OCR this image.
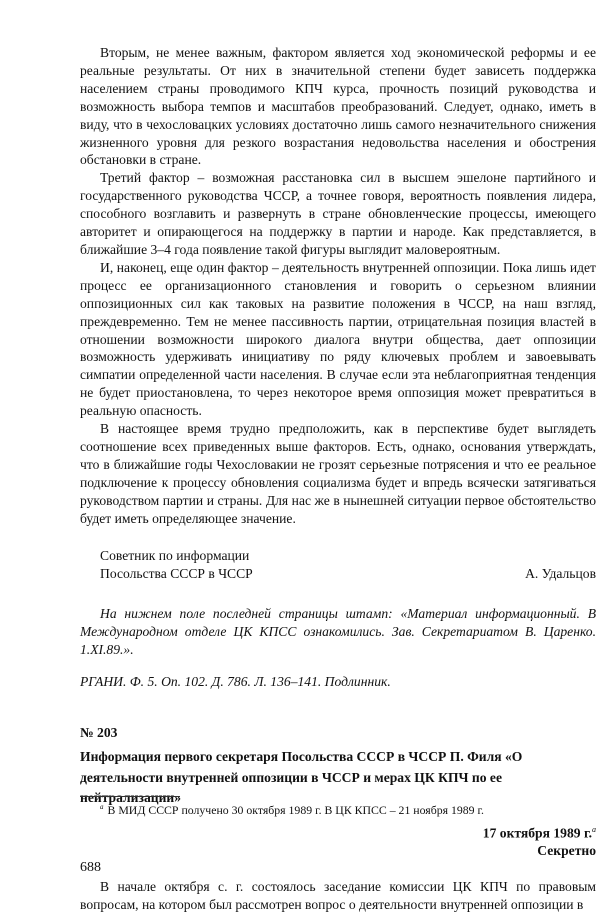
Вторым, не менее важным, фактором является ход экономической реформы и ее реальные результаты. От них в значительной степени будет зависеть поддержка населением страны проводимого КПЧ курса, прочность позиций руководства и возможность выбора темпов и масштабов преобразований. Следует, однако, иметь в виду, что в чехословацких условиях достаточно лишь самого незначительного снижения жизненного уровня для резкого возрастания недовольства населения и обострения обстановки в стране.

Третий фактор – возможная расстановка сил в высшем эшелоне партийного и государственного руководства ЧССР, а точнее говоря, вероятность появления лидера, способного возглавить и развернуть в стране обновленческие процессы, имеющего авторитет и опирающегося на поддержку в партии и народе. Как представляется, в ближайшие 3–4 года появление такой фигуры выглядит маловероятным.

И, наконец, еще один фактор – деятельность внутренней оппозиции. Пока лишь идет процесс ее организационного становления и говорить о серьезном влиянии оппозиционных сил как таковых на развитие положения в ЧССР, на наш взгляд, преждевременно. Тем не менее пассивность партии, отрицательная позиция властей в отношении возможности широкого диалога внутри общества, дает оппозиции возможность удерживать инициативу по ряду ключевых проблем и завоевывать симпатии определенной части населения. В случае если эта неблагоприятная тенденция не будет приостановлена, то через некоторое время оппозиция может превратиться в реальную опасность.

В настоящее время трудно предположить, как в перспективе будет выглядеть соотношение всех приведенных выше факторов. Есть, однако, основания утверждать, что в ближайшие годы Чехословакии не грозят серьезные потрясения и что ее реальное подключение к процессу обновления социализма будет и впредь всячески затягиваться руководством партии и страны. Для нас же в нынешней ситуации первое обстоятельство будет иметь определяющее значение.

Советник по информации
Посольства СССР в ЧССР	А. Удальцов

На нижнем поле последней страницы штамп: «Материал информационный. В Международном отделе ЦК КПСС ознакомились. Зав. Секретариатом В. Царенко. 1.XI.89.».

РГАНИ. Ф. 5. Оп. 102. Д. 786. Л. 136–141. Подлинник.
№ 203
Информация первого секретаря Посольства СССР в ЧССР П. Филя «О деятельности внутренней оппозиции в ЧССР и мерах ЦК КПЧ по ее нейтрализации»
17 октября 1989 г.$^а$
Секретно

В начале октября с. г. состоялось заседание комиссии ЦК КПЧ по правовым вопросам, на котором был рассмотрен вопрос о деятельности внутренней оппозиции в

$^а$ В МИД СССР получено 30 октября 1989 г. В ЦК КПСС – 21 ноября 1989 г.
688
